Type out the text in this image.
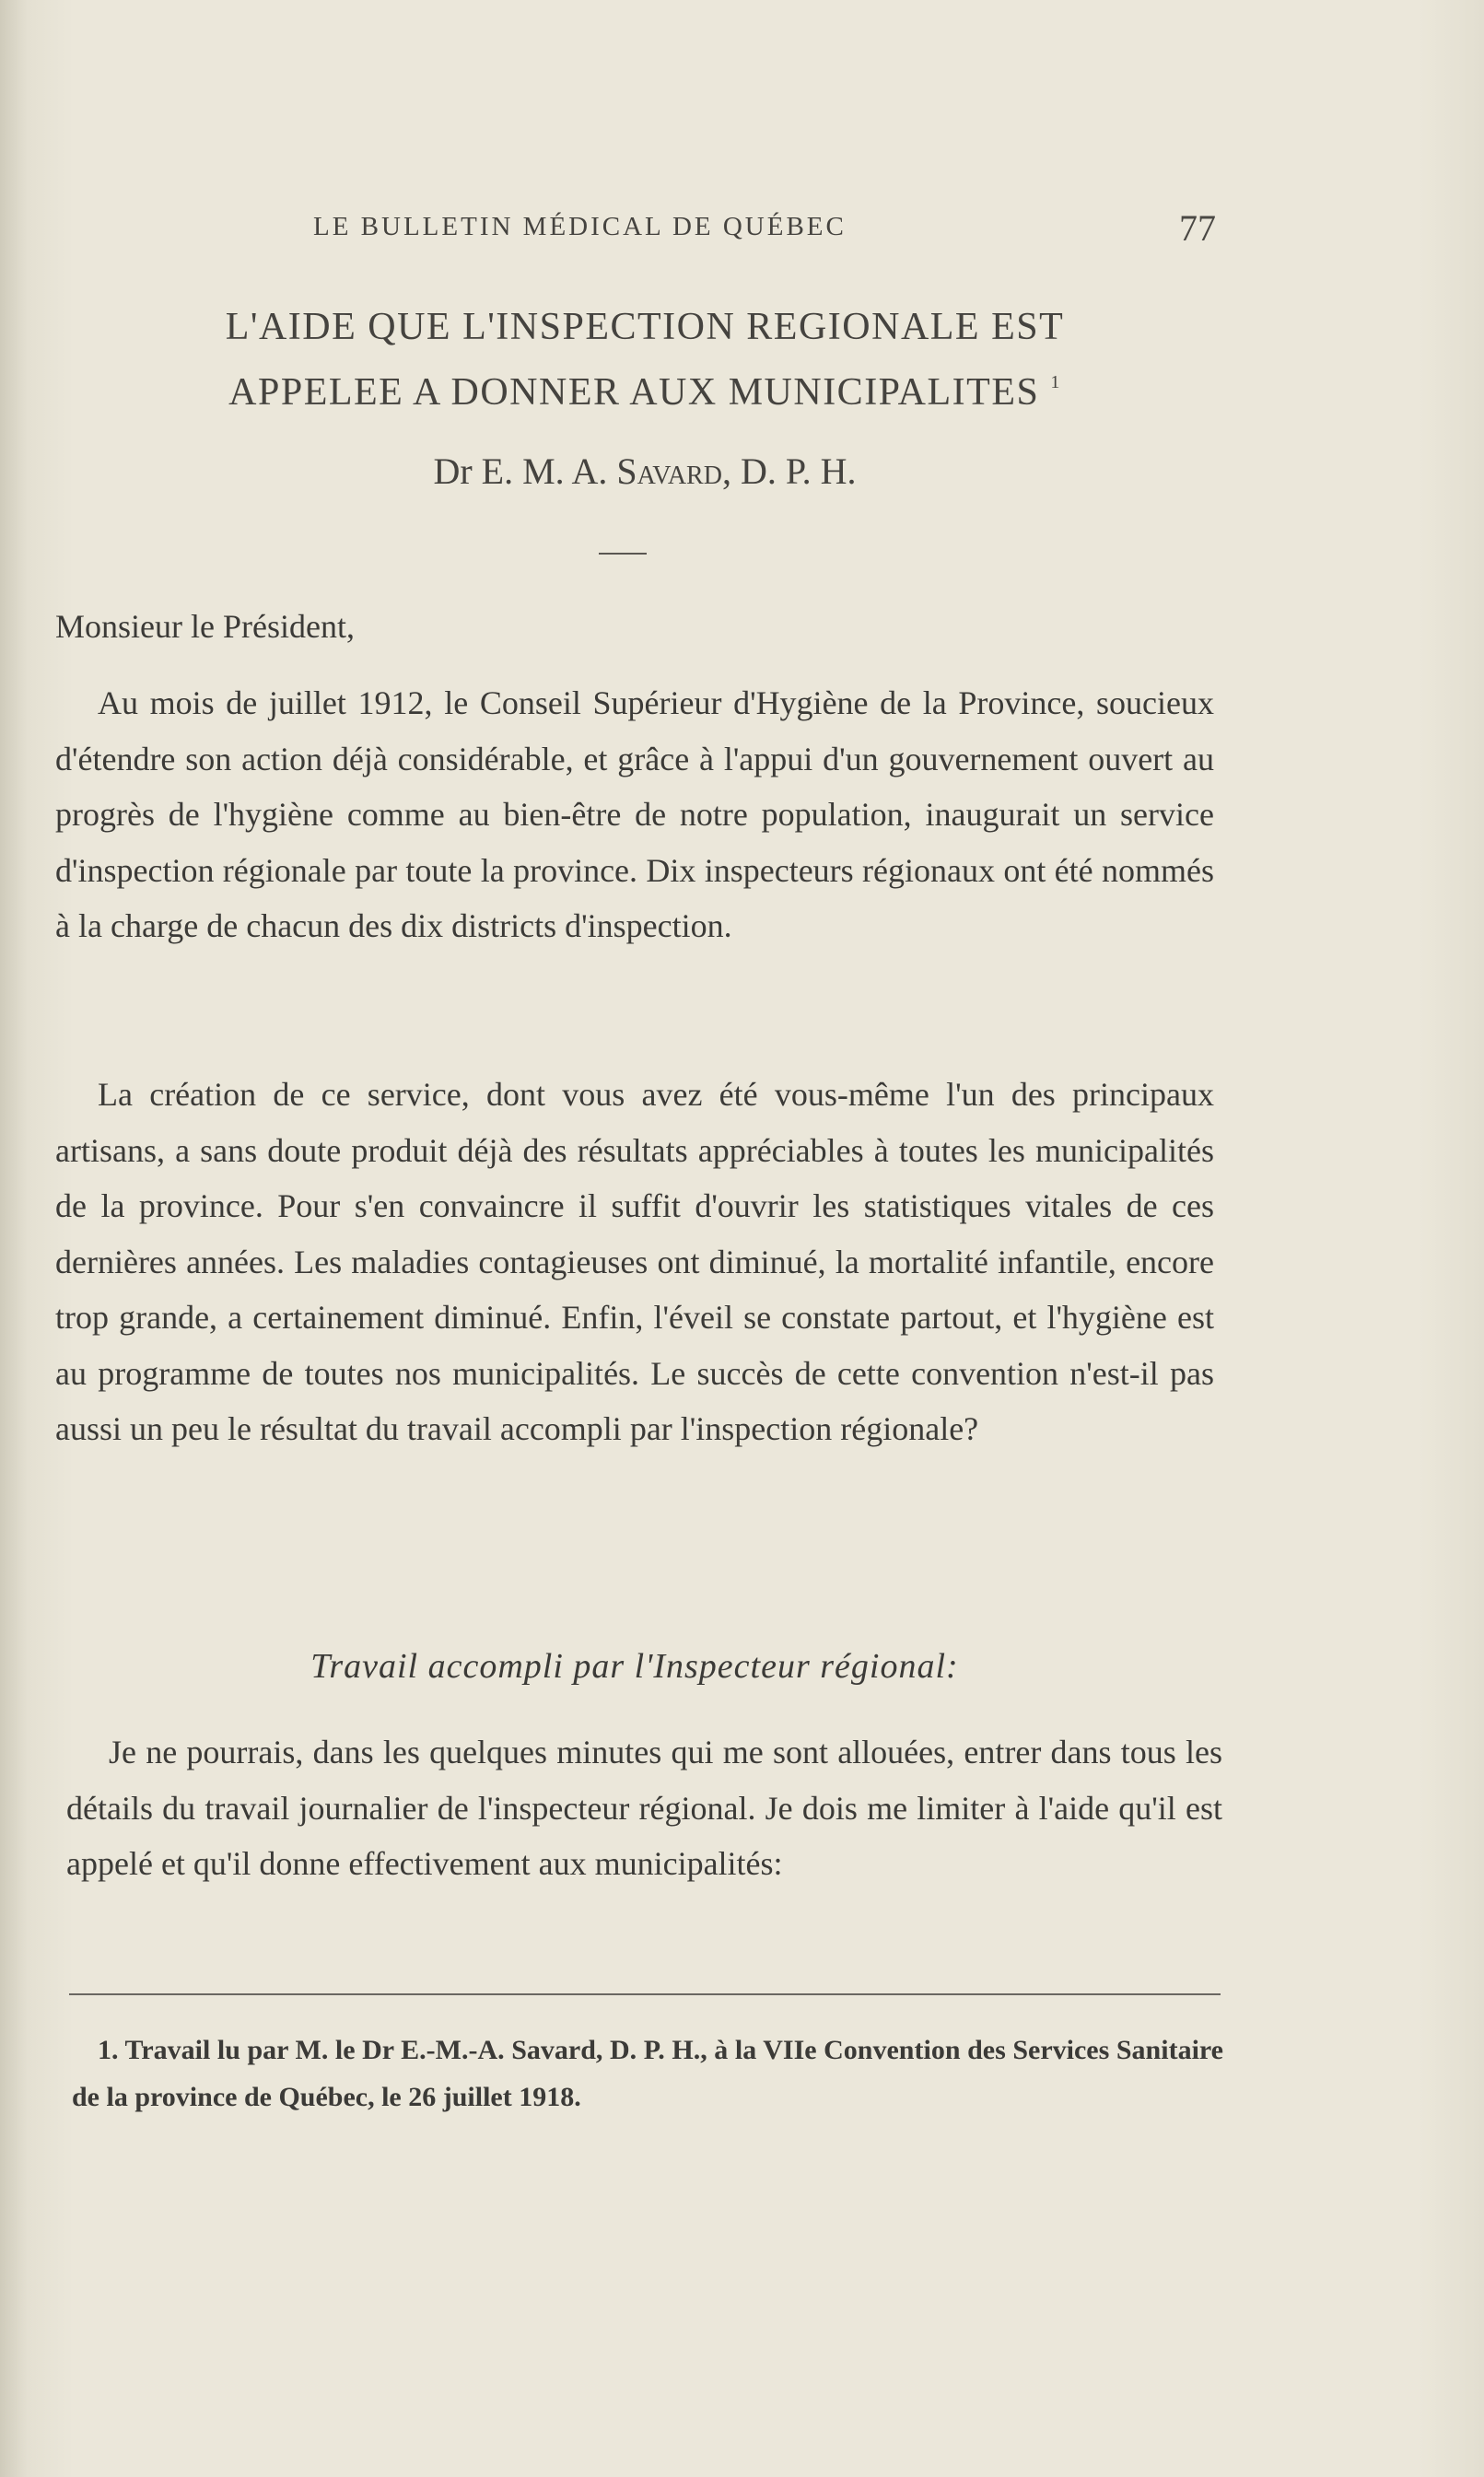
LE BULLETIN MÉDICAL DE QUÉBEC	77
L'AIDE QUE L'INSPECTION REGIONALE EST
APPELEE A DONNER AUX MUNICIPALITES $^1$
Dr E. M. A. Savard, D. P. H.

Monsieur le Président,

Au mois de juillet 1912, le Conseil Supérieur d'Hygiène de la Province, soucieux d'étendre son action déjà considérable, et grâce à l'appui d'un gouvernement ouvert au progrès de l'hygiène comme au bien-être de notre population, inaugurait un service d'inspection régionale par toute la province. Dix inspecteurs régionaux ont été nommés à la charge de chacun des dix districts d'inspection.

La création de ce service, dont vous avez été vous-même l'un des principaux artisans, a sans doute produit déjà des résultats appréciables à toutes les municipalités de la province. Pour s'en convaincre il suffit d'ouvrir les statistiques vitales de ces dernières années. Les maladies contagieuses ont diminué, la mortalité infantile, encore trop grande, a certainement diminué. Enfin, l'éveil se constate partout, et l'hygiène est au programme de toutes nos municipalités. Le succès de cette convention n'est-il pas aussi un peu le résultat du travail accompli par l'inspection régionale?

Travail accompli par l'Inspecteur régional:

Je ne pourrais, dans les quelques minutes qui me sont allouées, entrer dans tous les détails du travail journalier de l'inspecteur régional. Je dois me limiter à l'aide qu'il est appelé et qu'il donne effectivement aux municipalités:

1. Travail lu par M. le Dr E.-M.-A. Savard, D. P. H., à la VIIe Convention des Services Sanitaire de la province de Québec, le 26 juillet 1918.
